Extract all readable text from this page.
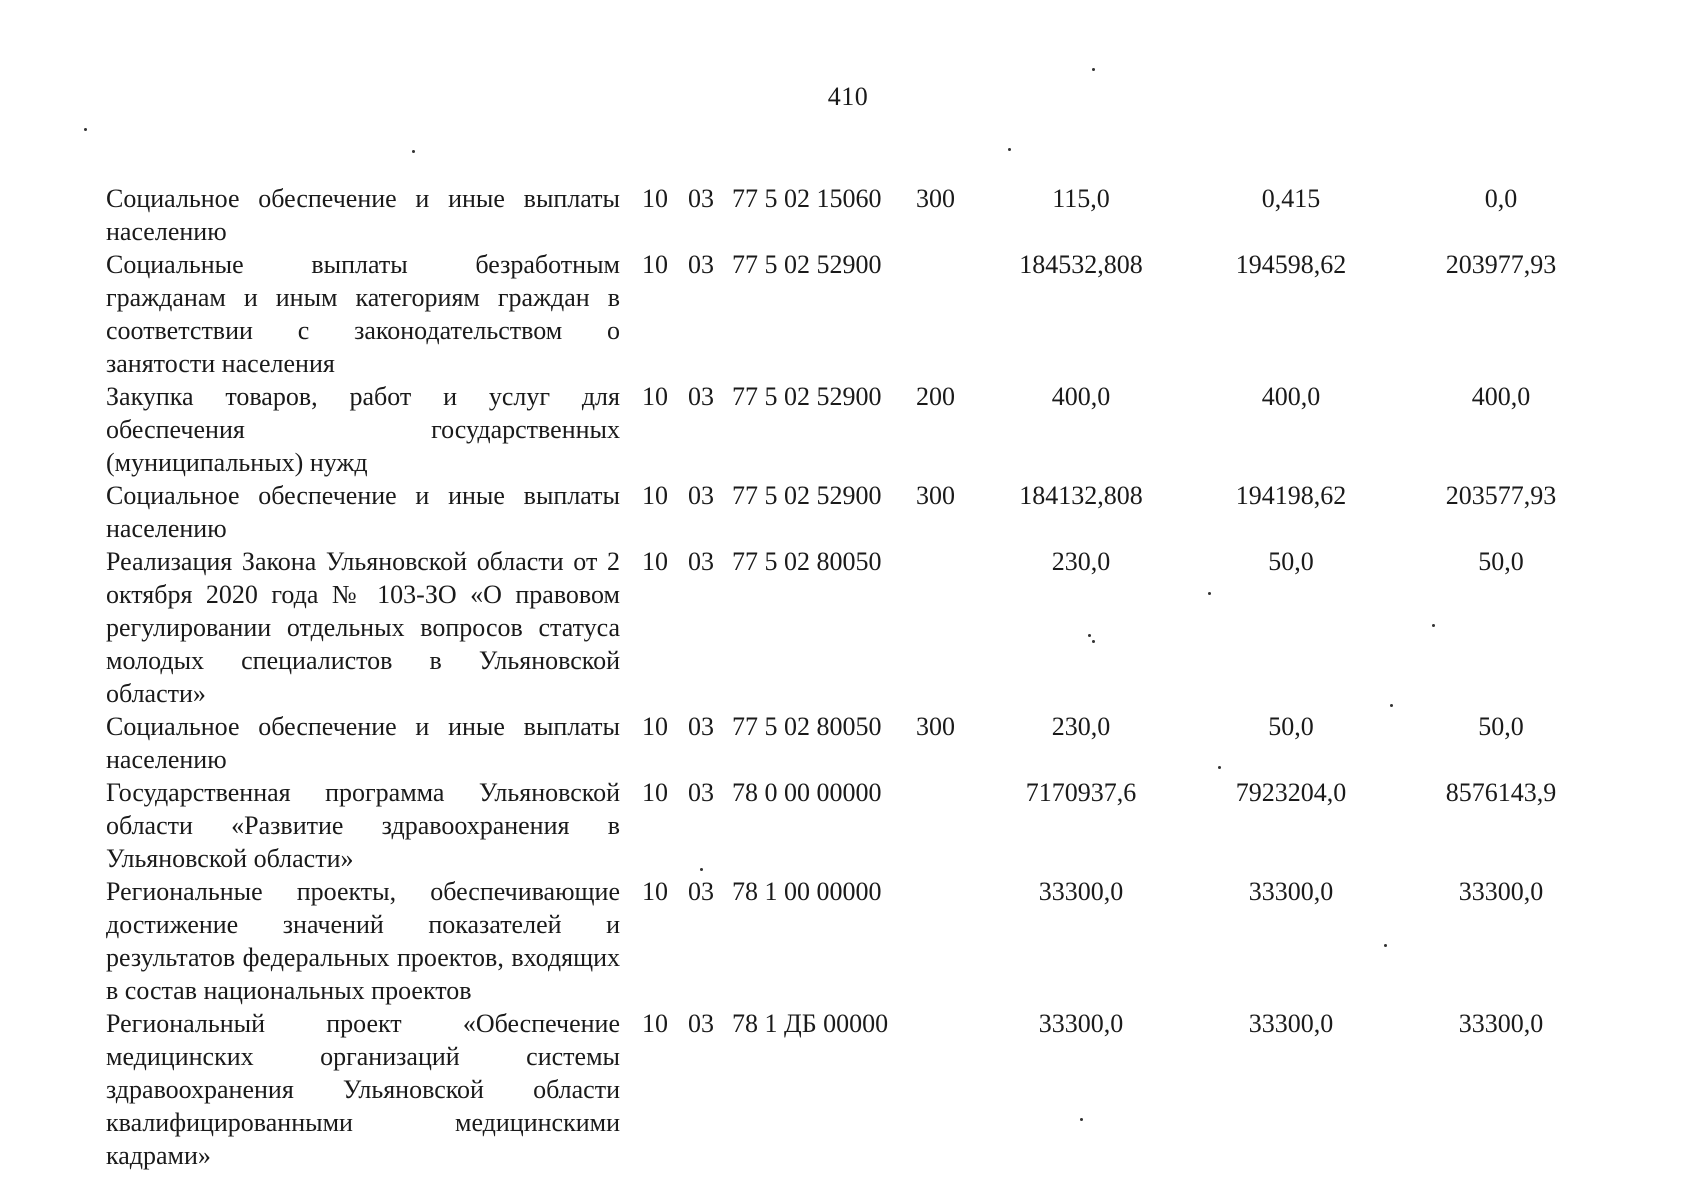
410
Социальное обеспечение и иные выплаты населению	10	03	77 5 02 15060	300	115,0	0,415	0,0
Социальные выплаты безработным гражданам и иным категориям граждан в соответствии с законодательством о занятости населения	10	03	77 5 02 52900		184532,808	194598,62	203977,93
Закупка товаров, работ и услуг для обеспечения государственных (муниципальных) нужд	10	03	77 5 02 52900	200	400,0	400,0	400,0
Социальное обеспечение и иные выплаты населению	10	03	77 5 02 52900	300	184132,808	194198,62	203577,93
Реализация Закона Ульяновской области от 2 октября 2020 года № 103-ЗО «О правовом регулировании отдельных вопросов статуса молодых специалистов в Ульяновской области»	10	03	77 5 02 80050		230,0	50,0	50,0
Социальное обеспечение и иные выплаты населению	10	03	77 5 02 80050	300	230,0	50,0	50,0
Государственная программа Ульяновской области «Развитие здравоохранения в Ульяновской области»	10	03	78 0 00 00000		7170937,6	7923204,0	8576143,9
Региональные проекты, обеспечивающие достижение значений показателей и результатов федеральных проектов, входящих в состав национальных проектов	10	03	78 1 00 00000		33300,0	33300,0	33300,0
Региональный проект «Обеспечение медицинских организаций системы здравоохранения Ульяновской области квалифицированными медицинскими кадрами»	10	03	78 1 ДБ 00000		33300,0	33300,0	33300,0
